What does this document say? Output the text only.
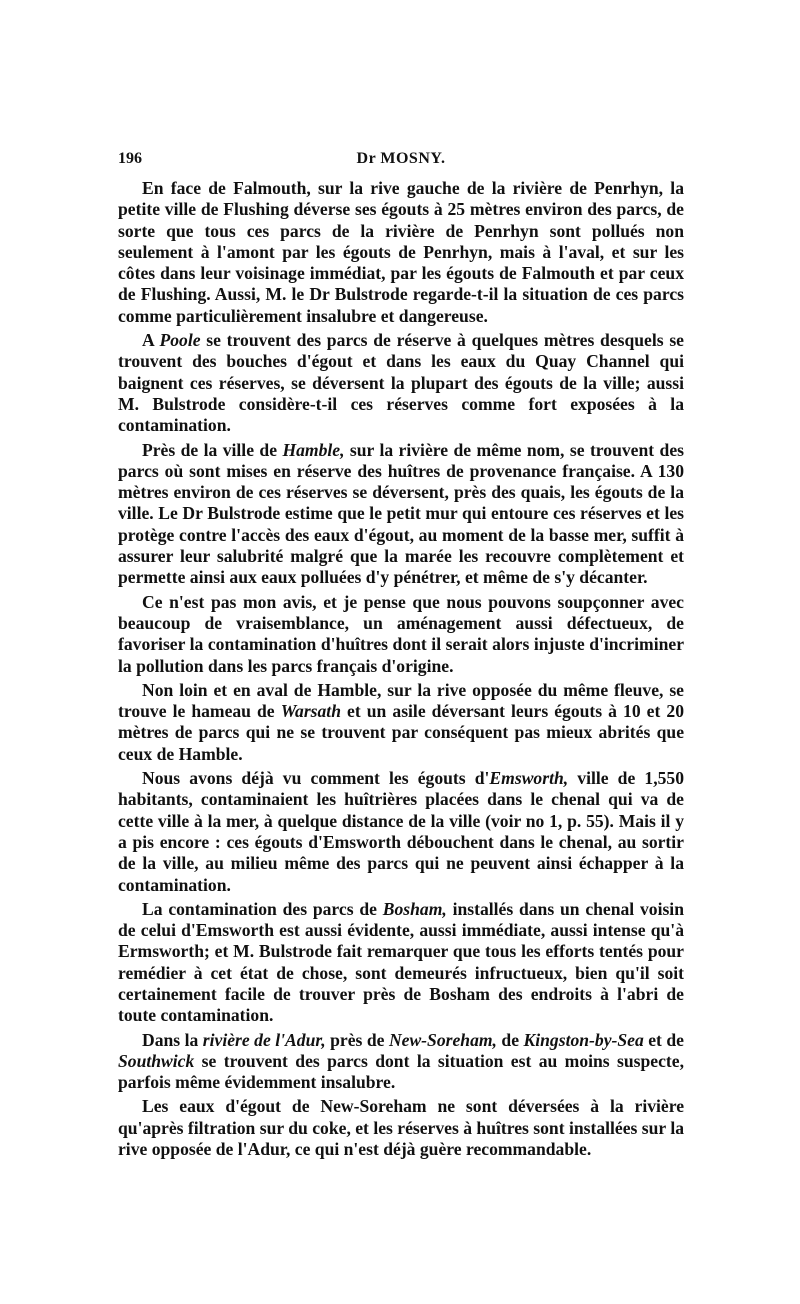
196	Dr MOSNY.

En face de Falmouth, sur la rive gauche de la rivière de Penrhyn, la petite ville de Flushing déverse ses égouts à 25 mètres environ des parcs, de sorte que tous ces parcs de la rivière de Penrhyn sont pollués non seulement à l'amont par les égouts de Penrhyn, mais à l'aval, et sur les côtes dans leur voisinage immédiat, par les égouts de Falmouth et par ceux de Flushing. Aussi, M. le Dr Bulstrode regarde-t-il la situation de ces parcs comme particulièrement insalubre et dangereuse.

A Poole se trouvent des parcs de réserve à quelques mètres desquels se trouvent des bouches d'égout et dans les eaux du Quay Channel qui baignent ces réserves, se déversent la plupart des égouts de la ville; aussi M. Bulstrode considère-t-il ces réserves comme fort exposées à la contamination.

Près de la ville de Hamble, sur la rivière de même nom, se trouvent des parcs où sont mises en réserve des huîtres de provenance française. A 130 mètres environ de ces réserves se déversent, près des quais, les égouts de la ville. Le Dr Bulstrode estime que le petit mur qui entoure ces réserves et les protège contre l'accès des eaux d'égout, au moment de la basse mer, suffit à assurer leur salubrité malgré que la marée les recouvre complètement et permette ainsi aux eaux polluées d'y pénétrer, et même de s'y décanter.

Ce n'est pas mon avis, et je pense que nous pouvons soupçonner avec beaucoup de vraisemblance, un aménagement aussi défectueux, de favoriser la contamination d'huîtres dont il serait alors injuste d'incriminer la pollution dans les parcs français d'origine.

Non loin et en aval de Hamble, sur la rive opposée du même fleuve, se trouve le hameau de Warsath et un asile déversant leurs égouts à 10 et 20 mètres de parcs qui ne se trouvent par conséquent pas mieux abrités que ceux de Hamble.

Nous avons déjà vu comment les égouts d'Emsworth, ville de 1,550 habitants, contaminaient les huîtrières placées dans le chenal qui va de cette ville à la mer, à quelque distance de la ville (voir no 1, p. 55). Mais il y a pis encore : ces égouts d'Emsworth débouchent dans le chenal, au sortir de la ville, au milieu même des parcs qui ne peuvent ainsi échapper à la contamination.

La contamination des parcs de Bosham, installés dans un chenal voisin de celui d'Emsworth est aussi évidente, aussi immédiate, aussi intense qu'à Ermsworth; et M. Bulstrode fait remarquer que tous les efforts tentés pour remédier à cet état de chose, sont demeurés infructueux, bien qu'il soit certainement facile de trouver près de Bosham des endroits à l'abri de toute contamination.

Dans la rivière de l'Adur, près de New-Soreham, de Kingston-by-Sea et de Southwick se trouvent des parcs dont la situation est au moins suspecte, parfois même évidemment insalubre.

Les eaux d'égout de New-Soreham ne sont déversées à la rivière qu'après filtration sur du coke, et les réserves à huîtres sont installées sur la rive opposée de l'Adur, ce qui n'est déjà guère recommandable.
